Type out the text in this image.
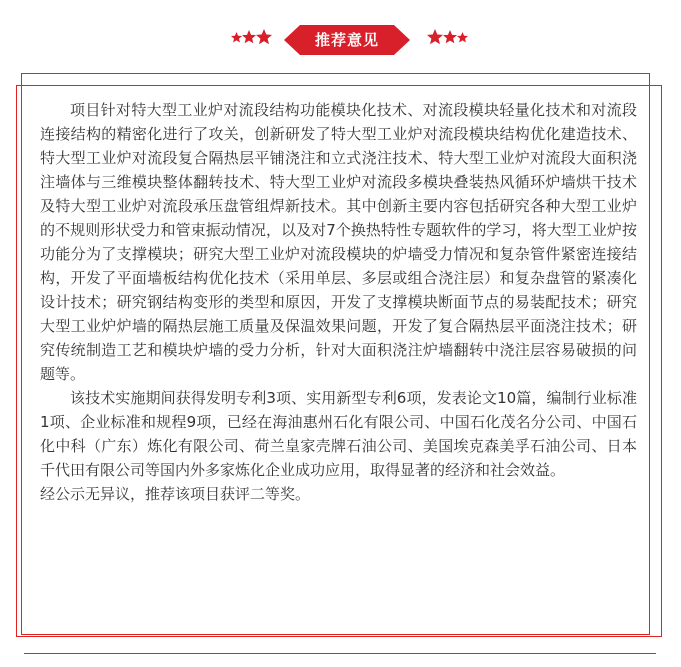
推荐意见

项目针对特大型工业炉对流段结构功能模块化技术、对流段模块轻量化技术和对流段连接结构的精密化进行了攻关，创新研发了特大型工业炉对流段模块结构优化建造技术、特大型工业炉对流段复合隔热层平铺浇注和立式浇注技术、特大型工业炉对流段大面积浇注墙体与三维模块整体翻转技术、特大型工业炉对流段多模块叠装热风循环炉墙烘干技术及特大型工业炉对流段承压盘管组焊新技术。其中创新主要内容包括研究各种大型工业炉的不规则形状受力和管束振动情况，以及对7个换热特性专题软件的学习，将大型工业炉按功能分为了支撑模块；研究大型工业炉对流段模块的炉墙受力情况和复杂管件紧密连接结构，开发了平面墙板结构优化技术（采用单层、多层或组合浇注层）和复杂盘管的紧凑化设计技术；研究钢结构变形的类型和原因，开发了支撑模块断面节点的易装配技术；研究大型工业炉炉墙的隔热层施工质量及保温效果问题，开发了复合隔热层平面浇注技术；研究传统制造工艺和模块炉墙的受力分析，针对大面积浇注炉墙翻转中浇注层容易破损的问题等。

该技术实施期间获得发明专利3项、实用新型专利6项，发表论文10篇，编制行业标准1项、企业标准和规程9项，已经在海油惠州石化有限公司、中国石化茂名分公司、中国石化中科（广东）炼化有限公司、荷兰皇家壳牌石油公司、美国埃克森美孚石油公司、日本千代田有限公司等国内外多家炼化企业成功应用，取得显著的经济和社会效益。

经公示无异议，推荐该项目获评二等奖。
